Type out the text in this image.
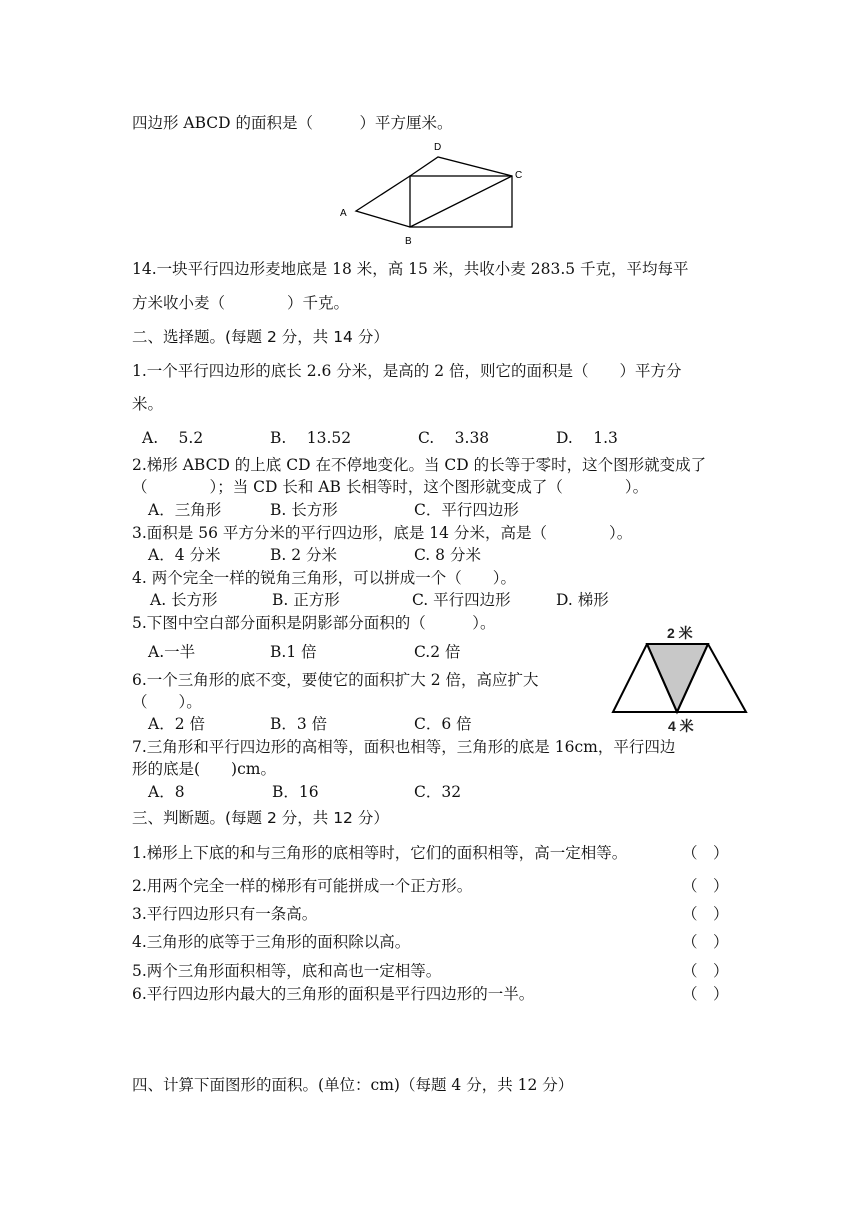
四边形 ABCD 的面积是（　　　）平方厘米。
D
C
A
B
14.一块平行四边形麦地底是 18 米，高 15 米，共收小麦 283.5 千克，平均每平
方米收小麦（　　　　）千克。
二、选择题。(每题 2 分，共 14 分）
1.一个平行四边形的底长 2.6 分米，是高的 2 倍，则它的面积是（　　）平方分
米。
A.　 5.2	B.　 13.52	C.　 3.38	D.　 1.3
2.梯形 ABCD 的上底 CD 在不停地变化。当 CD 的长等于零时，这个图形就变成了
（　　　　）；当 CD 长和 AB 长相等时，这个图形就变成了（　　　　）。
A．三角形	B. 长方形	C．平行四边形
3.面积是 56 平方分米的平行四边形，底是 14 分米，高是（　　　　）。
A．4 分米	B. 2 分米	C. 8 分米
4. 两个完全一样的锐角三角形，可以拼成一个（　　）。
A. 长方形	B. 正方形	C. 平行四边形	D. 梯形
5.下图中空白部分面积是阴影部分面积的（　　　）。
A.一半	B.1 倍	C.2 倍
2 米
4 米
6.一个三角形的底不变，要使它的面积扩大 2 倍，高应扩大
（　　）。
A．2 倍	B．3 倍	C．6 倍
7.三角形和平行四边形的高相等，面积也相等，三角形的底是 16cm，平行四边
形的底是(　　)cm。
A．8	B．16	C．32
三、判断题。(每题 2 分，共 12 分）
1.梯形上下底的和与三角形的底相等时，它们的面积相等，高一定相等。	（　）
2.用两个完全一样的梯形有可能拼成一个正方形。	（　）
3.平行四边形只有一条高。	（　）
4.三角形的底等于三角形的面积除以高。	（　）
5.两个三角形面积相等，底和高也一定相等。	（　）
6.平行四边形内最大的三角形的面积是平行四边形的一半。	（　）
四、计算下面图形的面积。(单位：cm)（每题 4 分，共 12 分）
